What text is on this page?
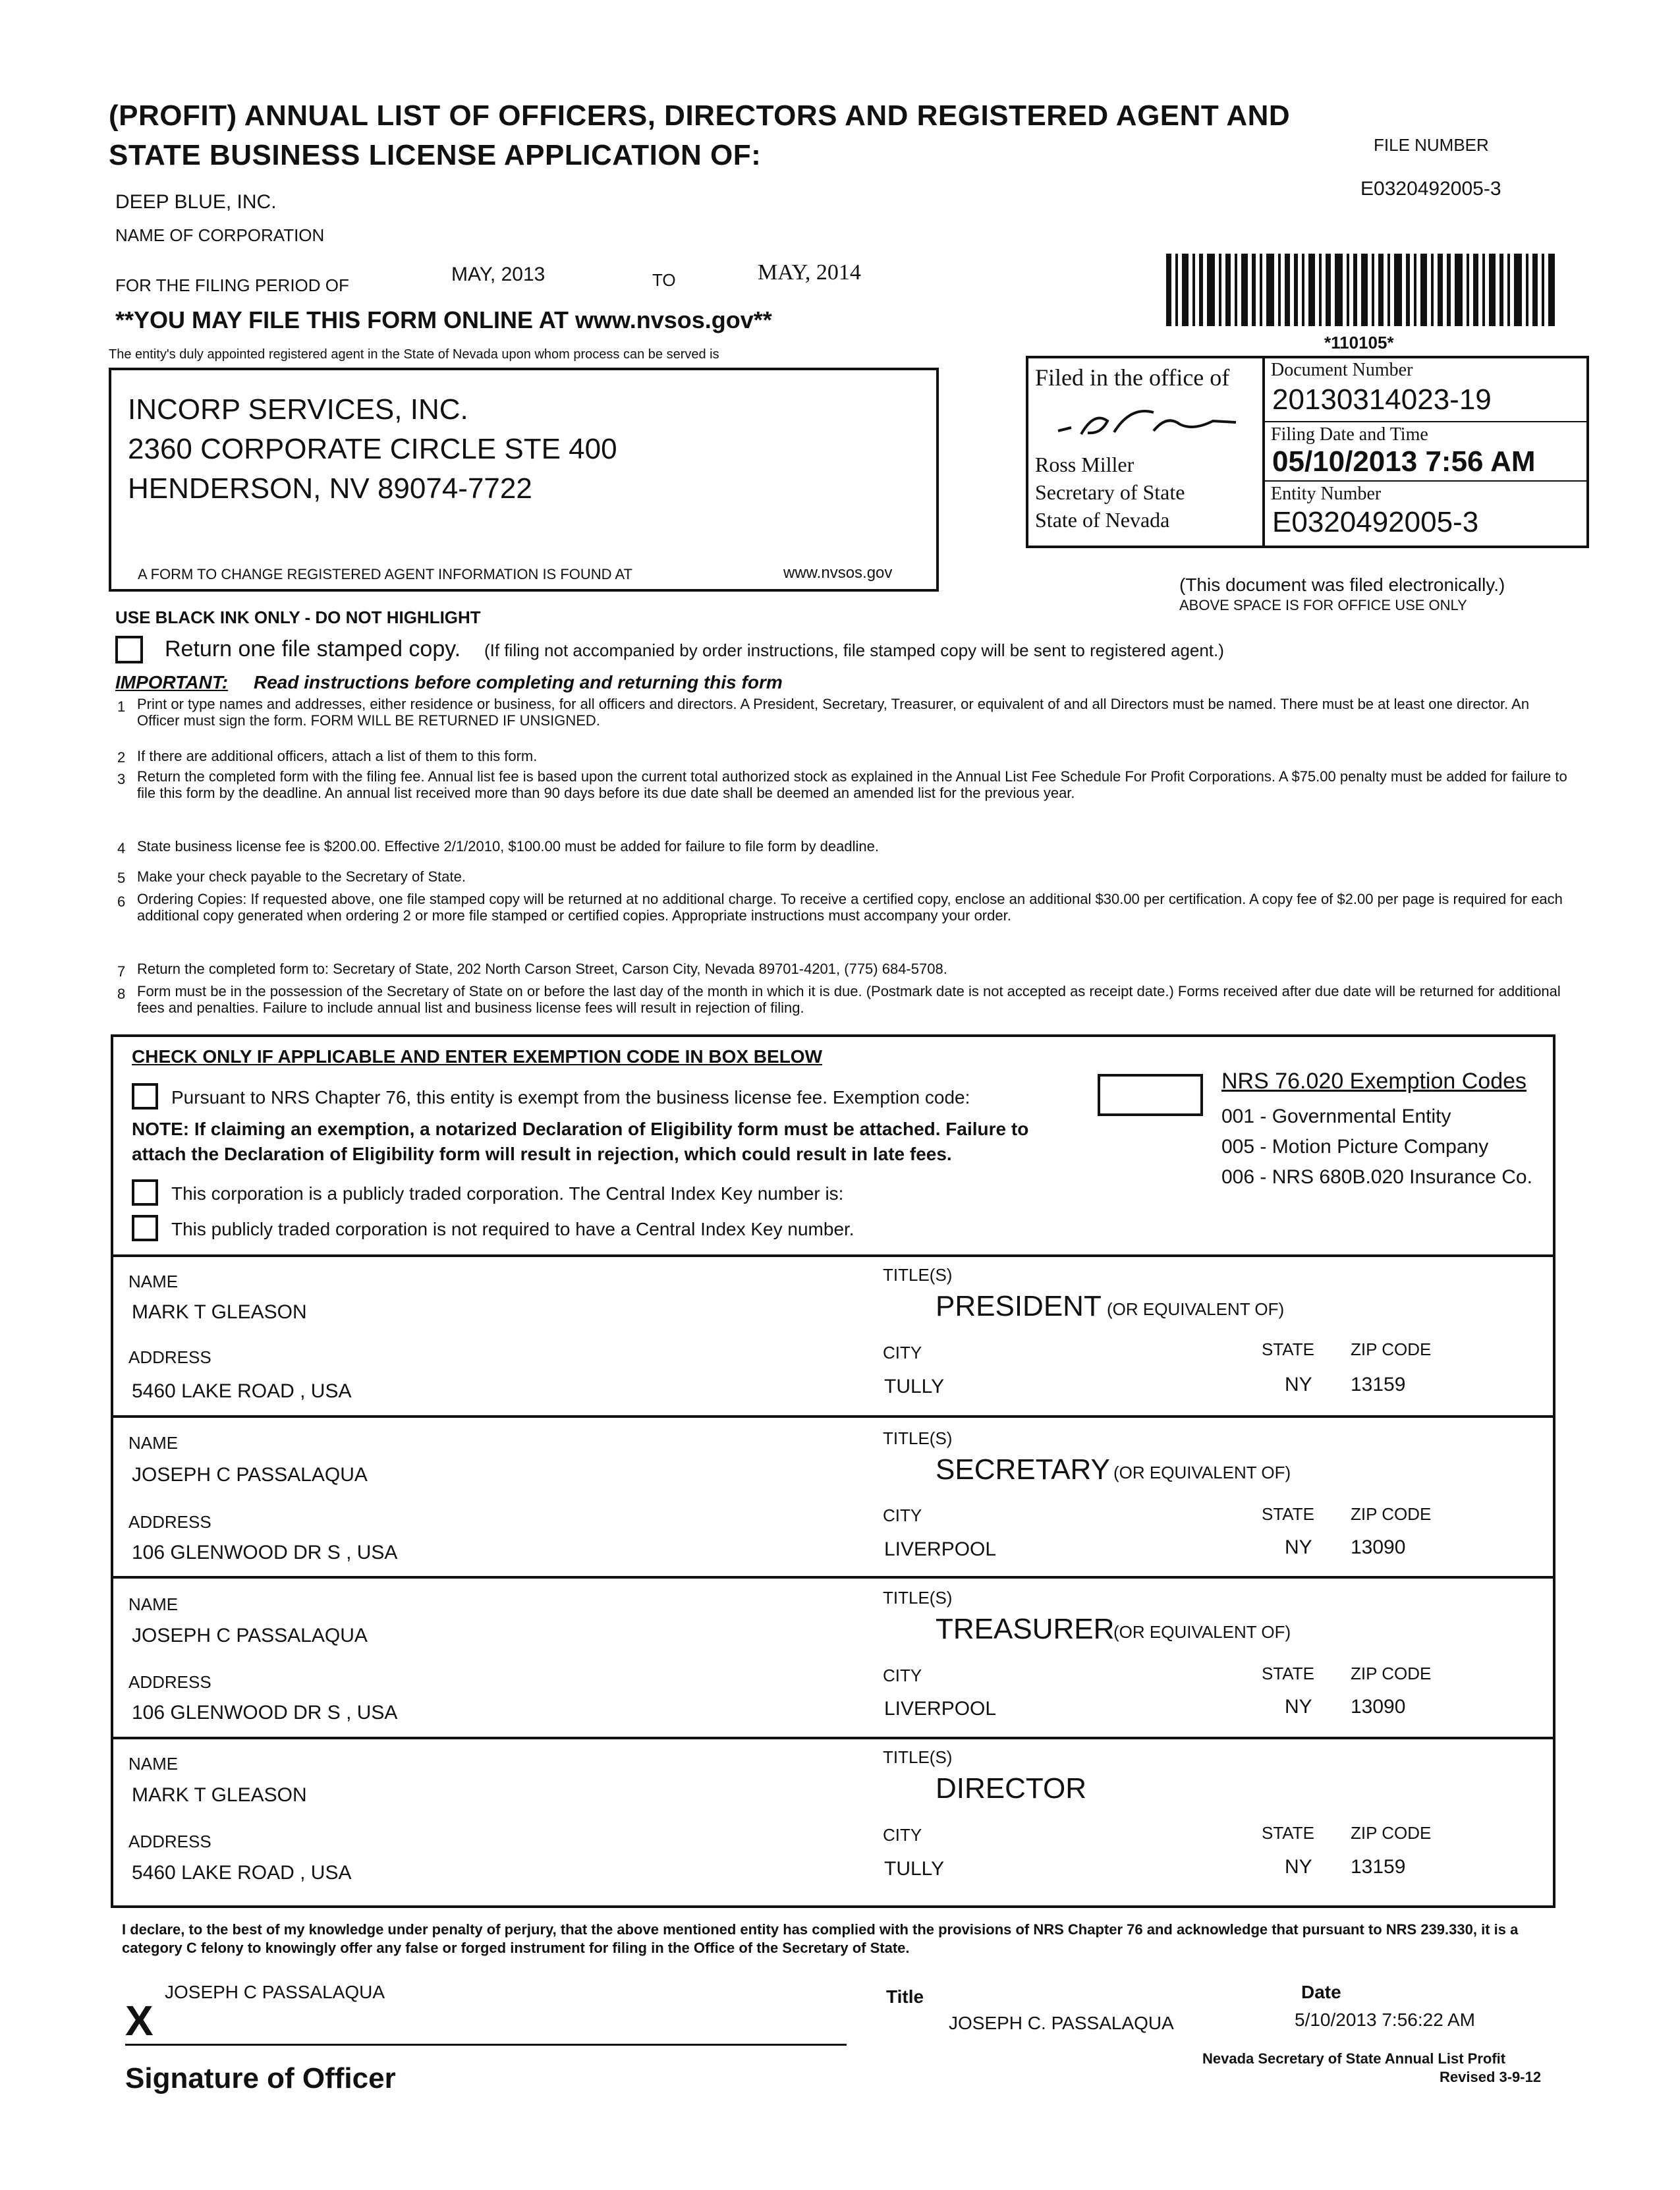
(PROFIT) ANNUAL LIST OF OFFICERS, DIRECTORS AND REGISTERED AGENT AND
STATE BUSINESS LICENSE APPLICATION OF:	FILE NUMBER
E0320492005-3
DEEP BLUE, INC.
NAME OF CORPORATION
FOR THE FILING PERIOD OF	MAY, 2013	TO	MAY, 2014
**YOU MAY FILE THIS FORM ONLINE AT www.nvsos.gov**
The entity's duly appointed registered agent in the State of Nevada upon whom process can be served is
*110105*
INCORP SERVICES, INC.
2360 CORPORATE CIRCLE STE 400
HENDERSON, NV 89074-7722
A FORM TO CHANGE REGISTERED AGENT INFORMATION IS FOUND AT	www.nvsos.gov
Filed in the office of
Ross Miller
Secretary of State
State of Nevada
Document Number
20130314023-19
Filing Date and Time
05/10/2013 7:56 AM
Entity Number
E0320492005-3
(This document was filed electronically.)
ABOVE SPACE IS FOR OFFICE USE ONLY
USE BLACK INK ONLY - DO NOT HIGHLIGHT
Return one file stamped copy. (If filing not accompanied by order instructions, file stamped copy will be sent to registered agent.)
IMPORTANT: Read instructions before completing and returning this form
1 Print or type names and addresses, either residence or business, for all officers and directors. A President, Secretary, Treasurer, or equivalent of and all Directors must be named. There must be at least one director. An Officer must sign the form. FORM WILL BE RETURNED IF UNSIGNED.
2 If there are additional officers, attach a list of them to this form.
3 Return the completed form with the filing fee. Annual list fee is based upon the current total authorized stock as explained in the Annual List Fee Schedule For Profit Corporations. A $75.00 penalty must be added for failure to file this form by the deadline. An annual list received more than 90 days before its due date shall be deemed an amended list for the previous year.
4 State business license fee is $200.00. Effective 2/1/2010, $100.00 must be added for failure to file form by deadline.
5 Make your check payable to the Secretary of State.
6 Ordering Copies: If requested above, one file stamped copy will be returned at no additional charge. To receive a certified copy, enclose an additional $30.00 per certification. A copy fee of $2.00 per page is required for each additional copy generated when ordering 2 or more file stamped or certified copies. Appropriate instructions must accompany your order.
7 Return the completed form to: Secretary of State, 202 North Carson Street, Carson City, Nevada 89701-4201, (775) 684-5708.
8 Form must be in the possession of the Secretary of State on or before the last day of the month in which it is due. (Postmark date is not accepted as receipt date.) Forms received after due date will be returned for additional fees and penalties. Failure to include annual list and business license fees will result in rejection of filing.
CHECK ONLY IF APPLICABLE AND ENTER EXEMPTION CODE IN BOX BELOW
Pursuant to NRS Chapter 76, this entity is exempt from the business license fee. Exemption code:
NOTE: If claiming an exemption, a notarized Declaration of Eligibility form must be attached. Failure to
attach the Declaration of Eligibility form will result in rejection, which could result in late fees.
This corporation is a publicly traded corporation. The Central Index Key number is:
This publicly traded corporation is not required to have a Central Index Key number.
NRS 76.020 Exemption Codes
001 - Governmental Entity
005 - Motion Picture Company
006 - NRS 680B.020 Insurance Co.
NAME	TITLE(S)
MARK T GLEASON	PRESIDENT (OR EQUIVALENT OF)
ADDRESS	CITY	STATE ZIP CODE
5460 LAKE ROAD , USA	TULLY	NY 13159
NAME	TITLE(S)
JOSEPH C PASSALAQUA	SECRETARY (OR EQUIVALENT OF)
ADDRESS	CITY	STATE ZIP CODE
106 GLENWOOD DR S , USA	LIVERPOOL	NY 13090
NAME	TITLE(S)
JOSEPH C PASSALAQUA	TREASURER
(OR EQUIVALENT OF)
ADDRESS	CITY	STATE ZIP CODE
106 GLENWOOD DR S , USA	LIVERPOOL	NY 13090
NAME	TITLE(S)
MARK T GLEASON	DIRECTOR
ADDRESS	CITY	STATE ZIP CODE
5460 LAKE ROAD , USA	TULLY	NY 13159
I declare, to the best of my knowledge under penalty of perjury, that the above mentioned entity has complied with the provisions of NRS Chapter 76 and acknowledge that pursuant to NRS 239.330, it is a category C felony to knowingly offer any false or forged instrument for filing in the Office of the Secretary of State.
JOSEPH C PASSALAQUA
X
Signature of Officer
Title
JOSEPH C. PASSALAQUA
Date
5/10/2013 7:56:22 AM
Nevada Secretary of State Annual List Profit
Revised 3-9-12
